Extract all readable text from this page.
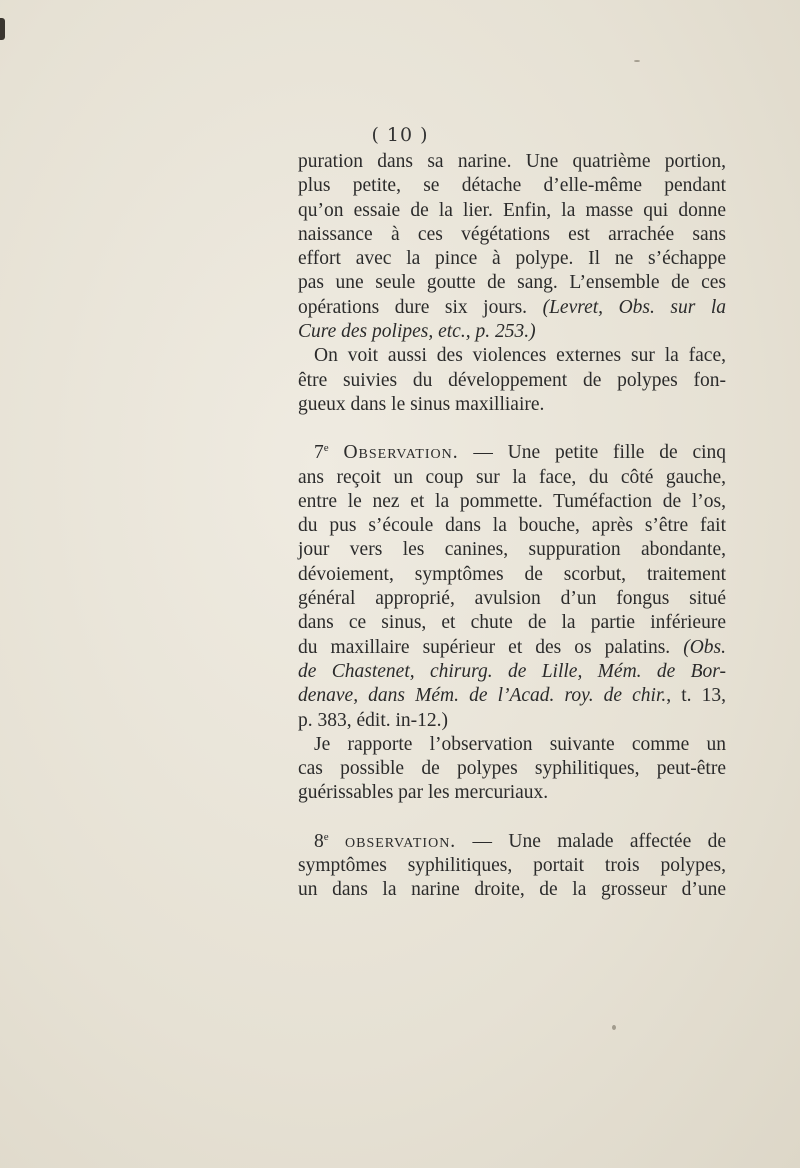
( 10 )
puration dans sa narine. Une quatrième portion,
plus petite, se détache d’elle-même pendant
qu’on essaie de la lier. Enfin, la masse qui donne
naissance à ces végétations est arrachée sans
effort avec la pince à polype. Il ne s’échappe
pas une seule goutte de sang. L’ensemble de ces
opérations dure six jours. (Levret, Obs. sur la
Cure des polipes, etc., p. 253.)
On voit aussi des violences externes sur la face,
être suivies du développement de polypes fon-
gueux dans le sinus maxilliaire.
7e Observation. — Une petite fille de cinq
ans reçoit un coup sur la face, du côté gauche,
entre le nez et la pommette. Tuméfaction de l’os,
du pus s’écoule dans la bouche, après s’être fait
jour vers les canines, suppuration abondante,
dévoiement, symptômes de scorbut, traitement
général approprié, avulsion d’un fongus situé
dans ce sinus, et chute de la partie inférieure
du maxillaire supérieur et des os palatins. (Obs.
de Chastenet, chirurg. de Lille, Mém. de Bor-
denave, dans Mém. de l’Acad. roy. de chir., t. 13,
p. 383, édit. in-12.)
Je rapporte l’observation suivante comme un
cas possible de polypes syphilitiques, peut-être
guérissables par les mercuriaux.
8e observation. — Une malade affectée de
symptômes syphilitiques, portait trois polypes,
un dans la narine droite, de la grosseur d’une
